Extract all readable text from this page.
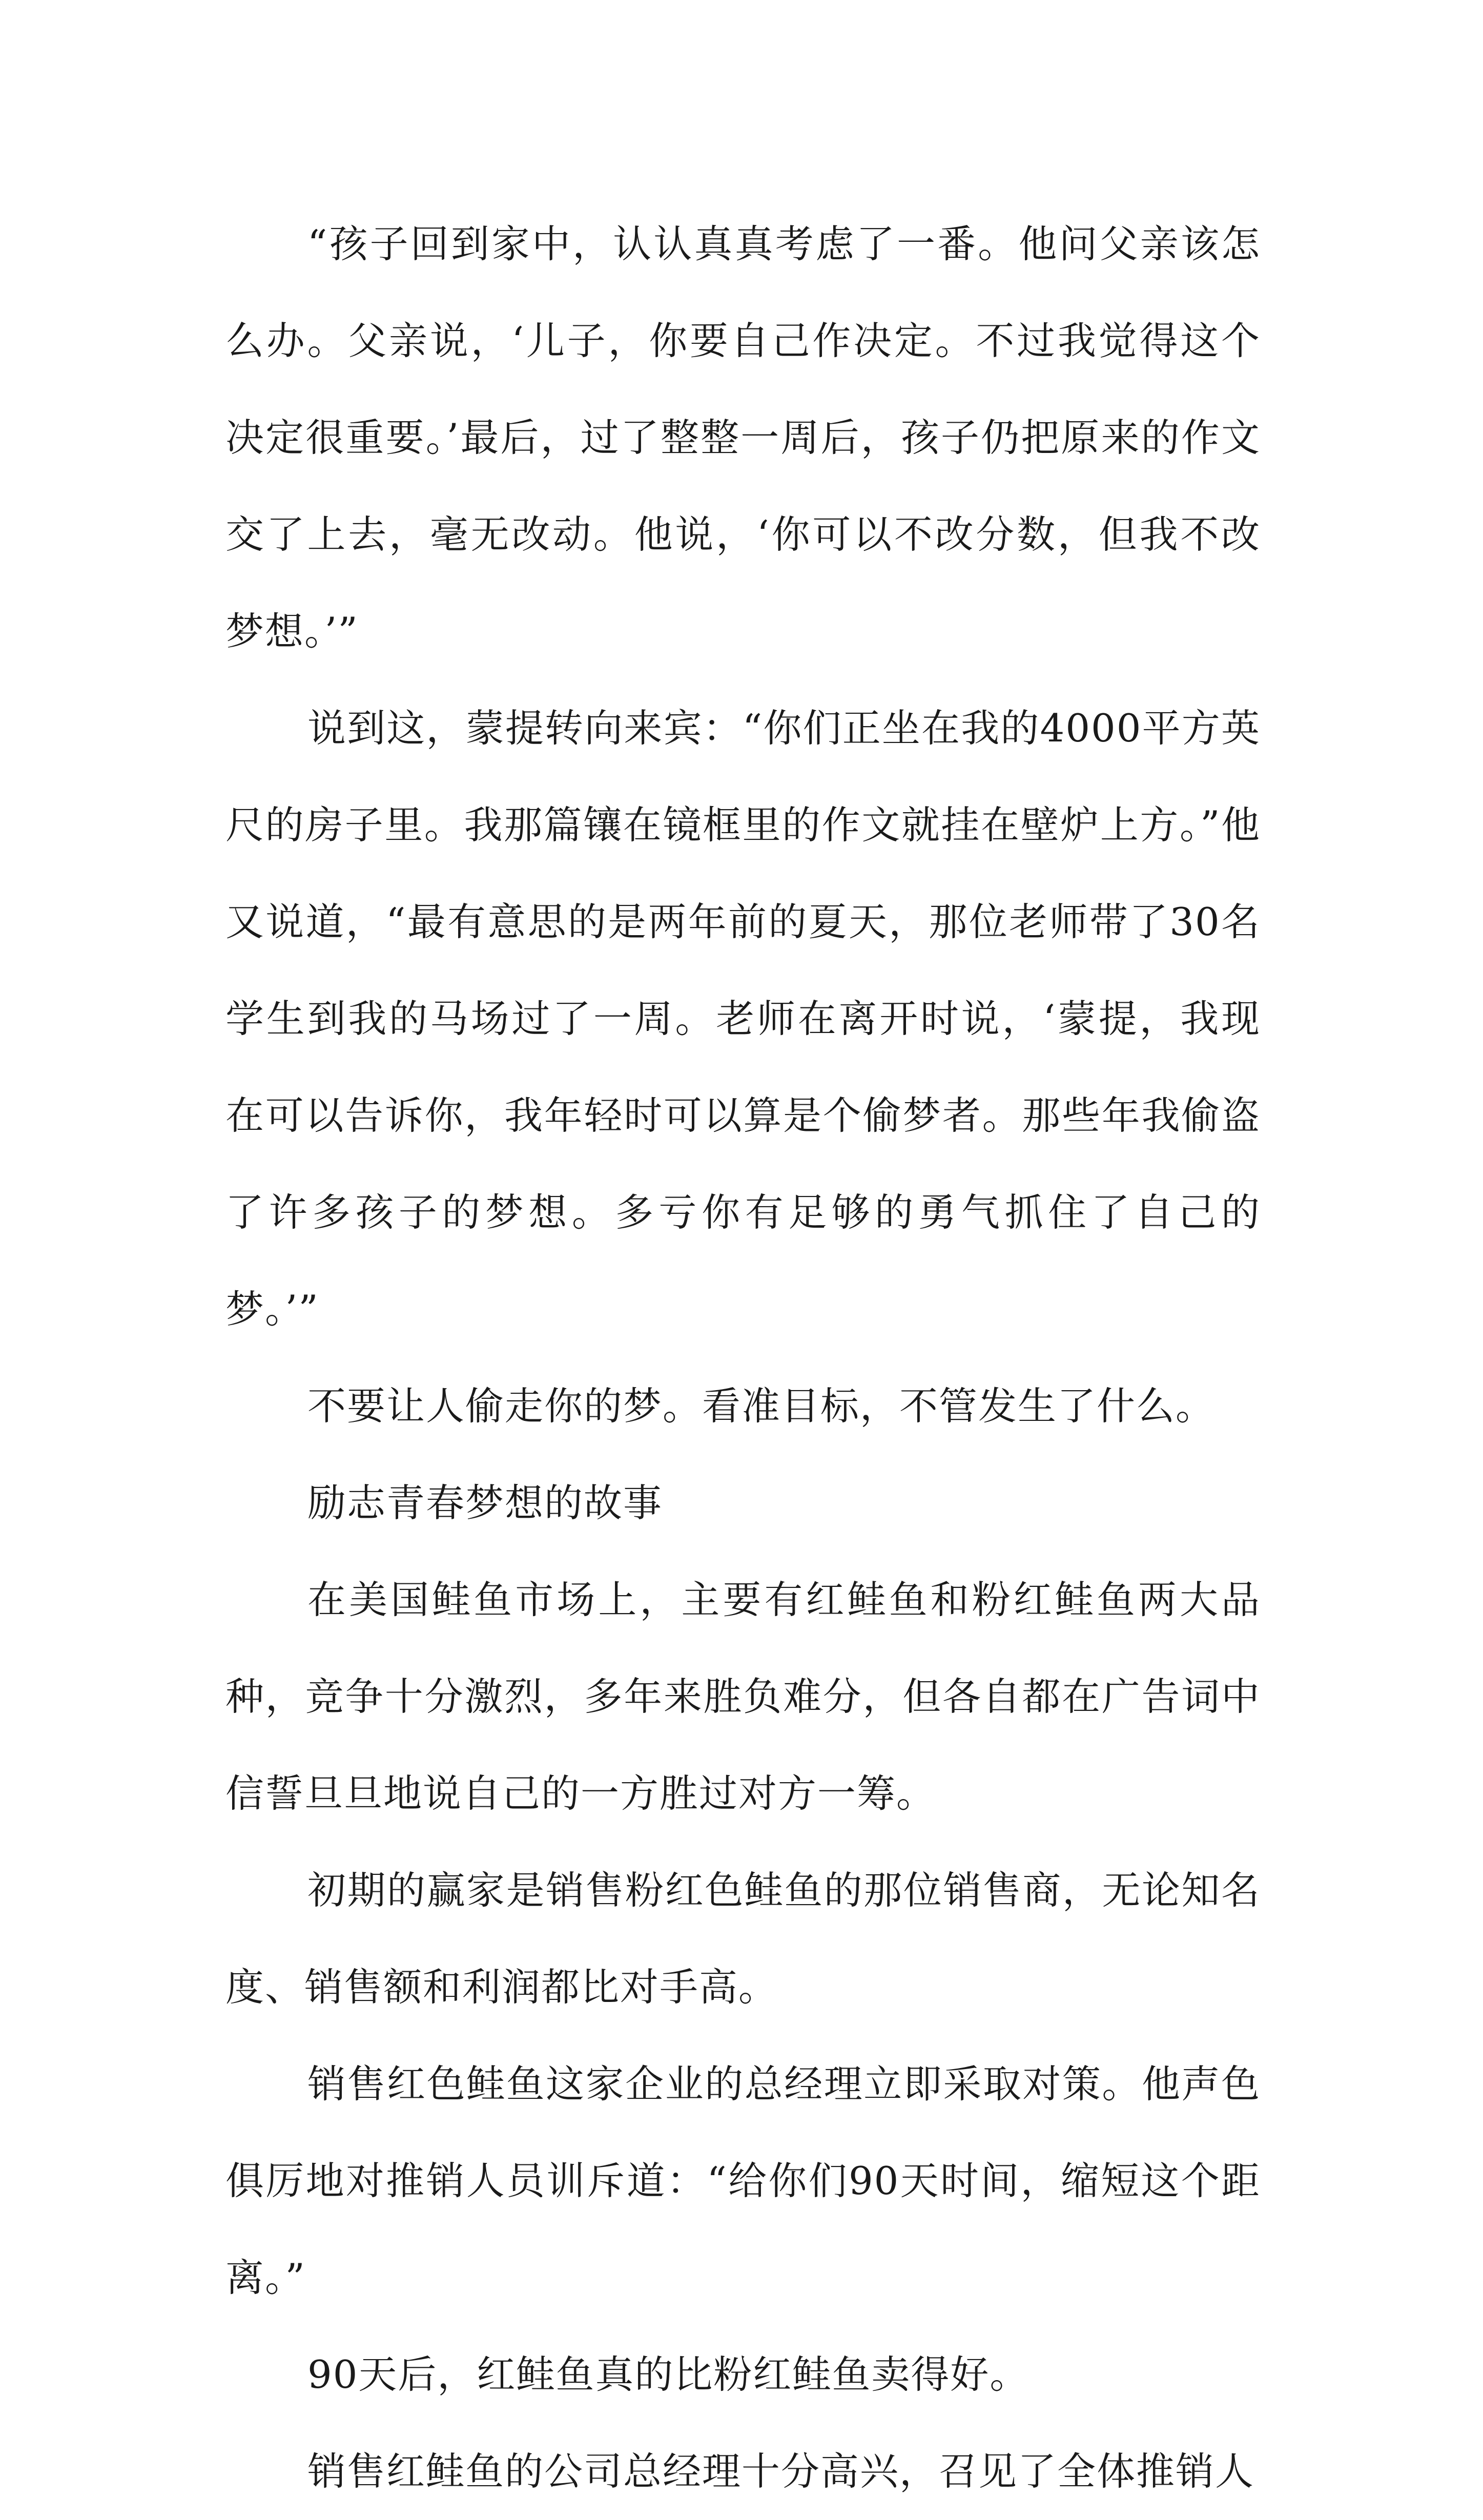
“孩子回到家中，认认真真考虑了一番。他问父亲该怎么办。父亲说，‘儿子，你要自己作决定。不过我觉得这个决定很重要。’最后，过了整整一周后，孩子仍把原来的作文交了上去，毫无改动。他说，‘你可以不改分数，但我不改梦想。’”

说到这，蒙提转向来宾：“你们正坐在我的4000平方英尺的房子里。我那篇镶在镜框里的作文就挂在壁炉上方。”他又说道，“最有意思的是两年前的夏天，那位老师带了30名学生到我的马场过了一周。老师在离开时说，‘蒙提，我现在可以告诉你，我年轻时可以算是个偷梦者。那些年我偷盗了许多孩子的梦想。多亏你有足够的勇气抓住了自己的梦。’”

不要让人偷走你的梦。看准目标，不管发生了什么。

励志青春梦想的故事

在美国鲑鱼市场上，主要有红鲑鱼和粉红鲑鱼两大品种，竞争十分激烈，多年来胜负难分，但各自都在广告词中信誓旦旦地说自己的一方胜过对方一筹。

初期的赢家是销售粉红色鲑鱼的那位销售商，无论知名度、销售额和利润都比对手高。

销售红色鲑鱼这家企业的总经理立即采取对策。他声色俱厉地对推销人员训斥道：“给你们90天时间，缩短这个距离。”

90天后，红鲑鱼真的比粉红鲑鱼卖得好。

销售红鲑鱼的公司总经理十分高兴，召见了全体推销人
